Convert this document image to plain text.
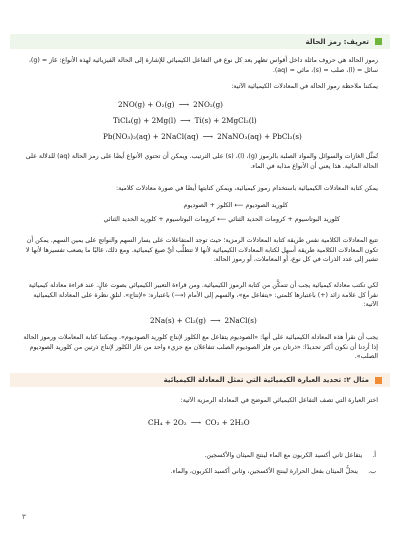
تعريف: رمز الحالة

رموز الحالة هي حروف ماثلة داخل أقواس تظهر بعد كل نوع في التفاعل الكيميائي للإشارة إلى الحالة الفيزيائية لهذه الأنواع: غاز = (g)، سائل = (l)، صلب = (s)، مائي = (aq).

يمكننا ملاحظة رموز الحالة في المعادلات الكيميائية الآتية:

2NO(g) + O₂(g) ⟶ 2NO₂(g)
TiCl₄(g) + 2Mg(l) ⟶ Ti(s) + 2MgCl₂(l)
Pb(NO₃)₂(aq) + 2NaCl(aq) ⟶ 2NaNO₃(aq) + PbCl₂(s)

تُمثِّل الغازات والسوائل والمواد الصلبة بالرموز (g)، (l)، (s) على الترتيب. ويمكن أن تحتوي الأنواع أيضًا على رمز الحالة (aq) للدلالة على الحالة المائية. هذا يعني أن الأنواع مذابة في الماء.

يمكن كتابة المعادلات الكيميائية باستخدام رموز كيميائية، ويمكن كتابتها أيضًا في صورة معادلات كلامية:

كلوريد الصوديوم ⟵ الكلور + الصوديوم
كلوريد البوتاسيوم + كرومات الحديد الثنائي ⟵ كرومات البوتاسيوم + كلوريد الحديد الثنائي

تتبع المعادلات الكلامية نفس طريقة كتابة المعادلات الرمزية؛ حيث توجد المتفاعلات على يسار السهم والنواتج على يمين السهم. يمكن أن تكون المعادلات الكلامية طريقة أسهل لكتابة المعادلات الكيميائية لأنها لا تتطلَّب أيَّ صيغ كيميائية. ومع ذلك، غالبًا ما يصعب تفسيرها لأنها لا تشير إلى عدد الذرات في كل نوع، أو المعاملات، أو رموز الحالة.

لكي تكتب معادلة كيميائية يجب أن تتمكَّن من كتابة الرموز الكيميائية. ومن قراءة التعبير الكيميائي بصوت عالٍ. عند قراءة معادلة كيميائية نقرأ كل علامة زائد (+) باعتبارها كلمتي: «يتفاعل مع»، والسهم إلى الأمام (⟶) باعتباره: «لإنتاج». لنلقِ نظرة على المعادلة الكيميائية الآتية:

2Na(s) + Cl₂(g) ⟶ 2NaCl(s)

يجب أن نقرأ هذه المعادلة الكيميائية على أنها: «الصوديوم يتفاعل مع الكلور لإنتاج كلوريد الصوديوم». ويمكننا كتابة المعاملات ورموز الحالة إذا أردنا أن نكون أكثر تحديدًا: «ذرتان من فلز الصوديوم الصلب تتفاعلان مع جزيء واحد من غاز الكلور لإنتاج ذرتين من كلوريد الصوديوم الصلب».

مثال ٢: تحديد العبارة الكيميائية التي تمثل المعادلة الكيميائية

اختر العبارة التي تصف التفاعل الكيميائي الموضح في المعادلة الرمزية الآتية:

CH₄ + 2O₂ ⟶ CO₂ + 2H₂O
أ. يتفاعل ثاني أكسيد الكربون مع الماء لينتج الميثان والأكسجين.
ب. ينحلُّ الميثان بفعل الحرارة لينتج الأكسجين، وثاني أكسيد الكربون، والماء.
٣
